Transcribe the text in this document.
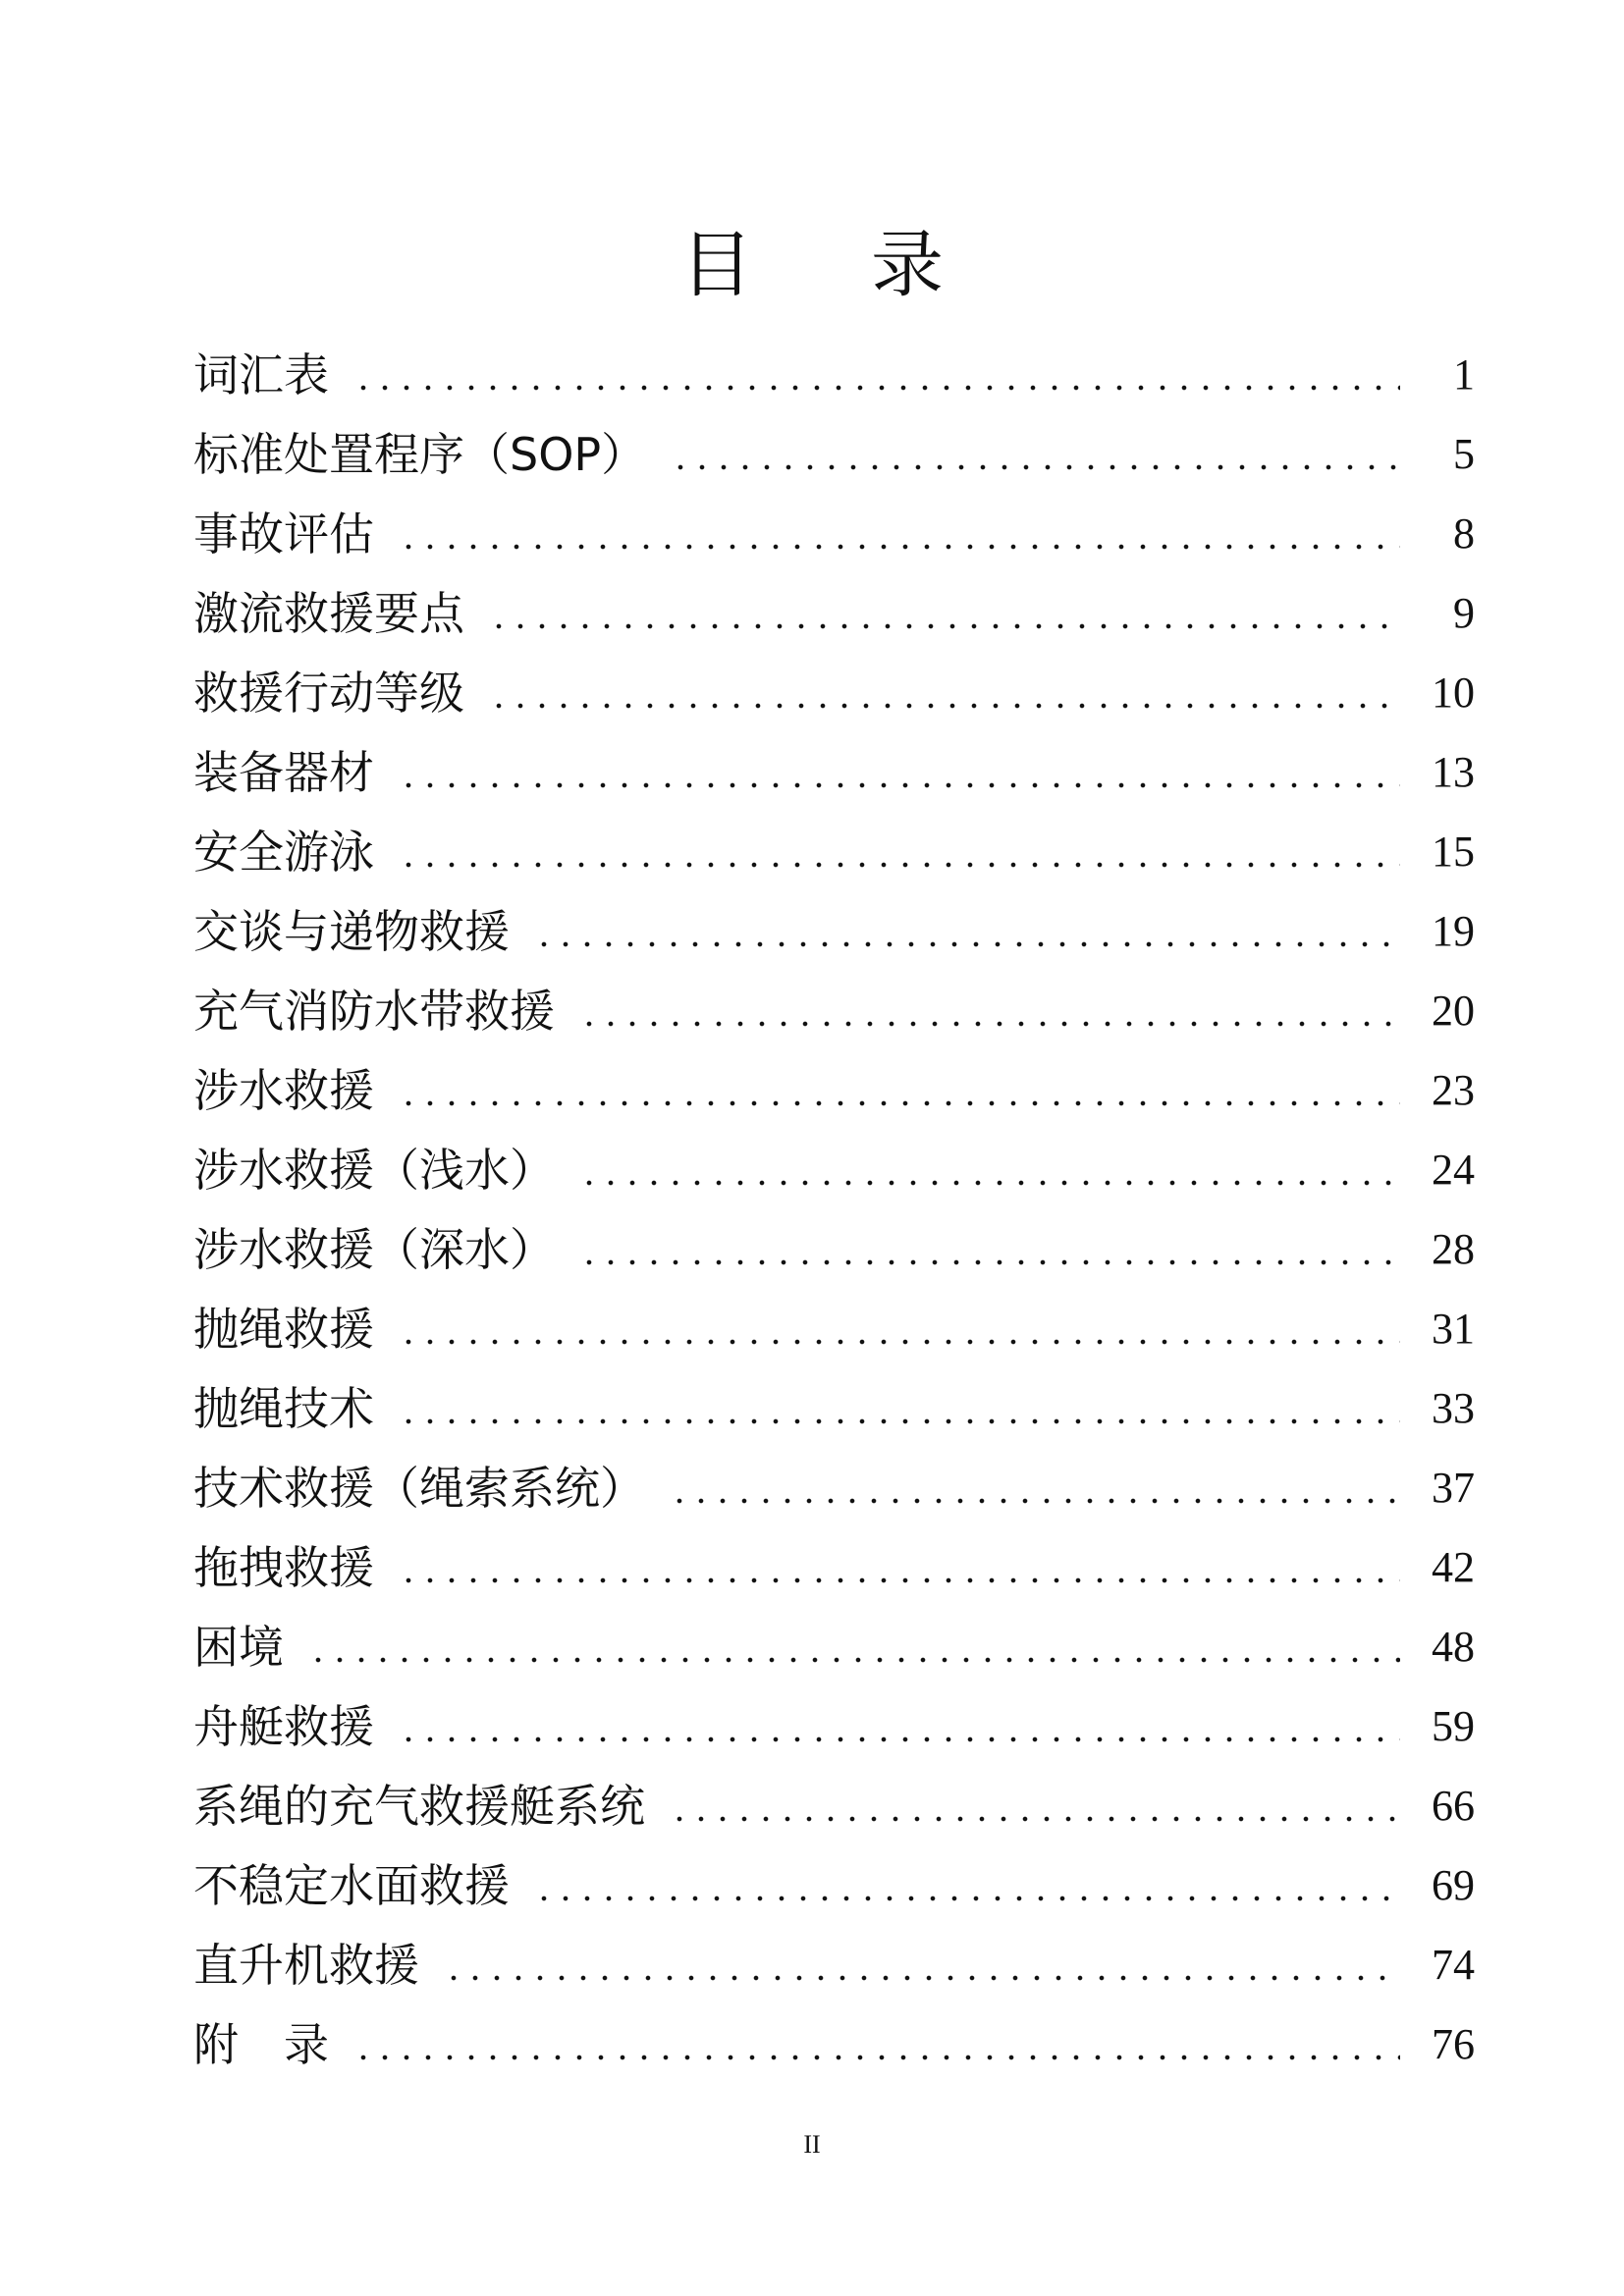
目 录
词汇表	1
标准处置程序（SOP）	5
事故评估	8
激流救援要点	9
救援行动等级	10
装备器材	13
安全游泳	15
交谈与递物救援	19
充气消防水带救援	20
涉水救援	23
涉水救援（浅水）	24
涉水救援（深水）	28
抛绳救援	31
抛绳技术	33
技术救援（绳索系统）	37
拖拽救援	42
困境	48
舟艇救援	59
系绳的充气救援艇系统	66
不稳定水面救援	69
直升机救援	74
附　录	76
II
